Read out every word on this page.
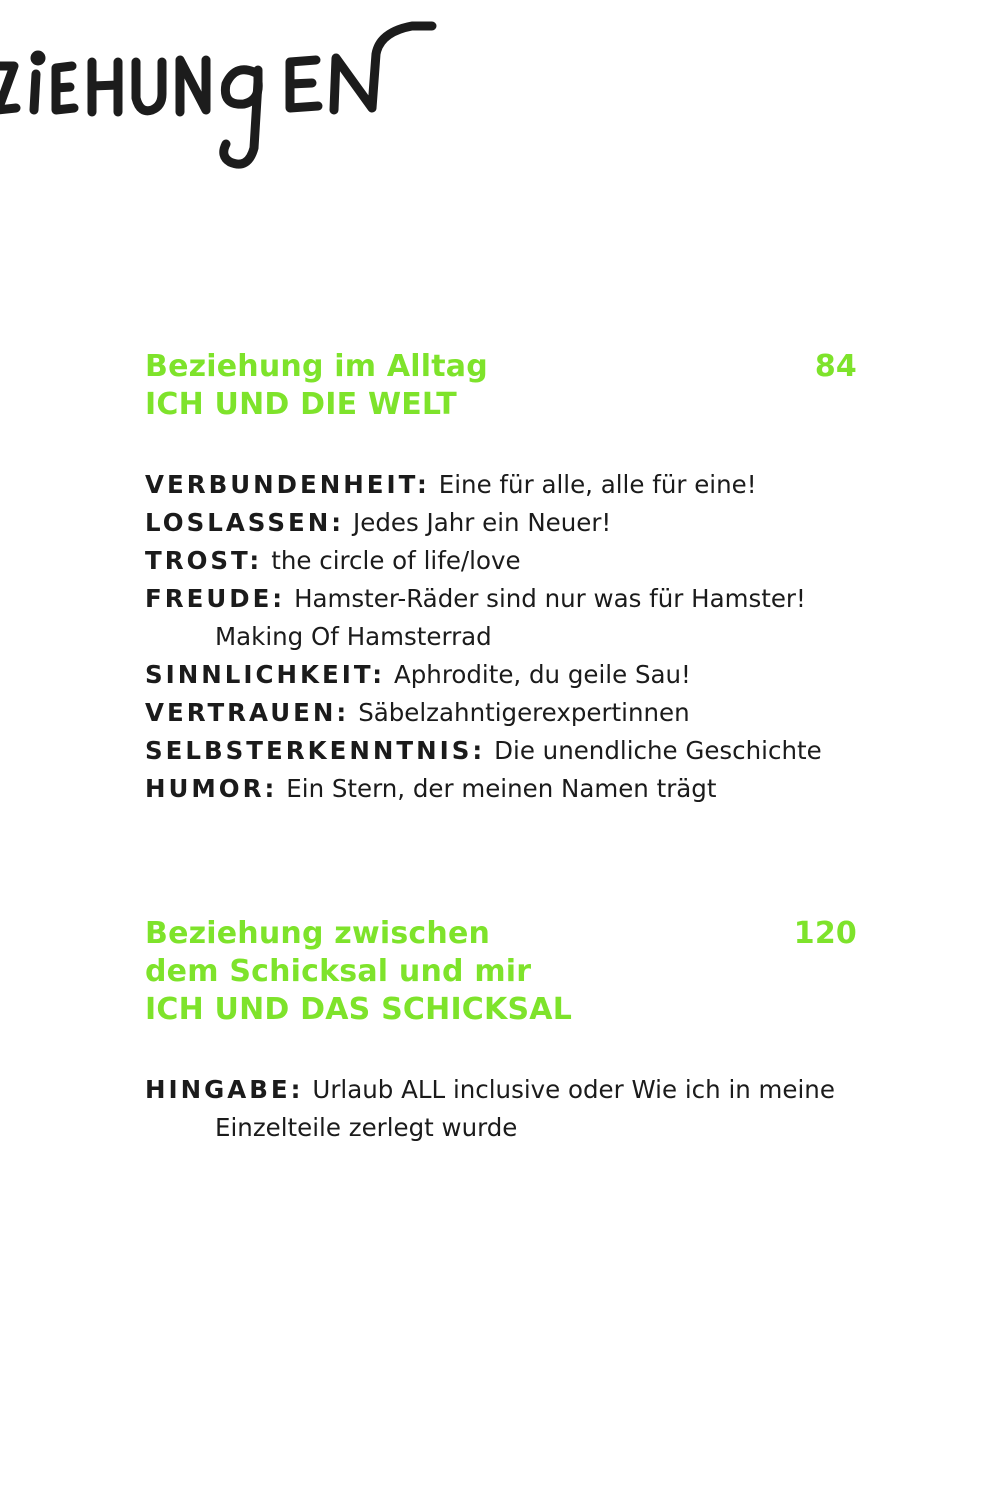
Beziehung im Alltag
ICH UND DIE WELT
84
VERBUNDENHEIT: Eine für alle, alle für eine!
LOSLASSEN: Jedes Jahr ein Neuer!
TROST: the circle of life/love
FREUDE: Hamster-Räder sind nur was für Hamster!
Making Of Hamsterrad
SINNLICHKEIT: Aphrodite, du geile Sau!
VERTRAUEN: Säbelzahntigerexpertinnen
SELBSTERKENNTNIS: Die unendliche Geschichte
HUMOR: Ein Stern, der meinen Namen trägt
Beziehung zwischen
dem Schicksal und mir
ICH UND DAS SCHICKSAL
120
HINGABE: Urlaub ALL inclusive oder Wie ich in meine
Einzelteile zerlegt wurde
